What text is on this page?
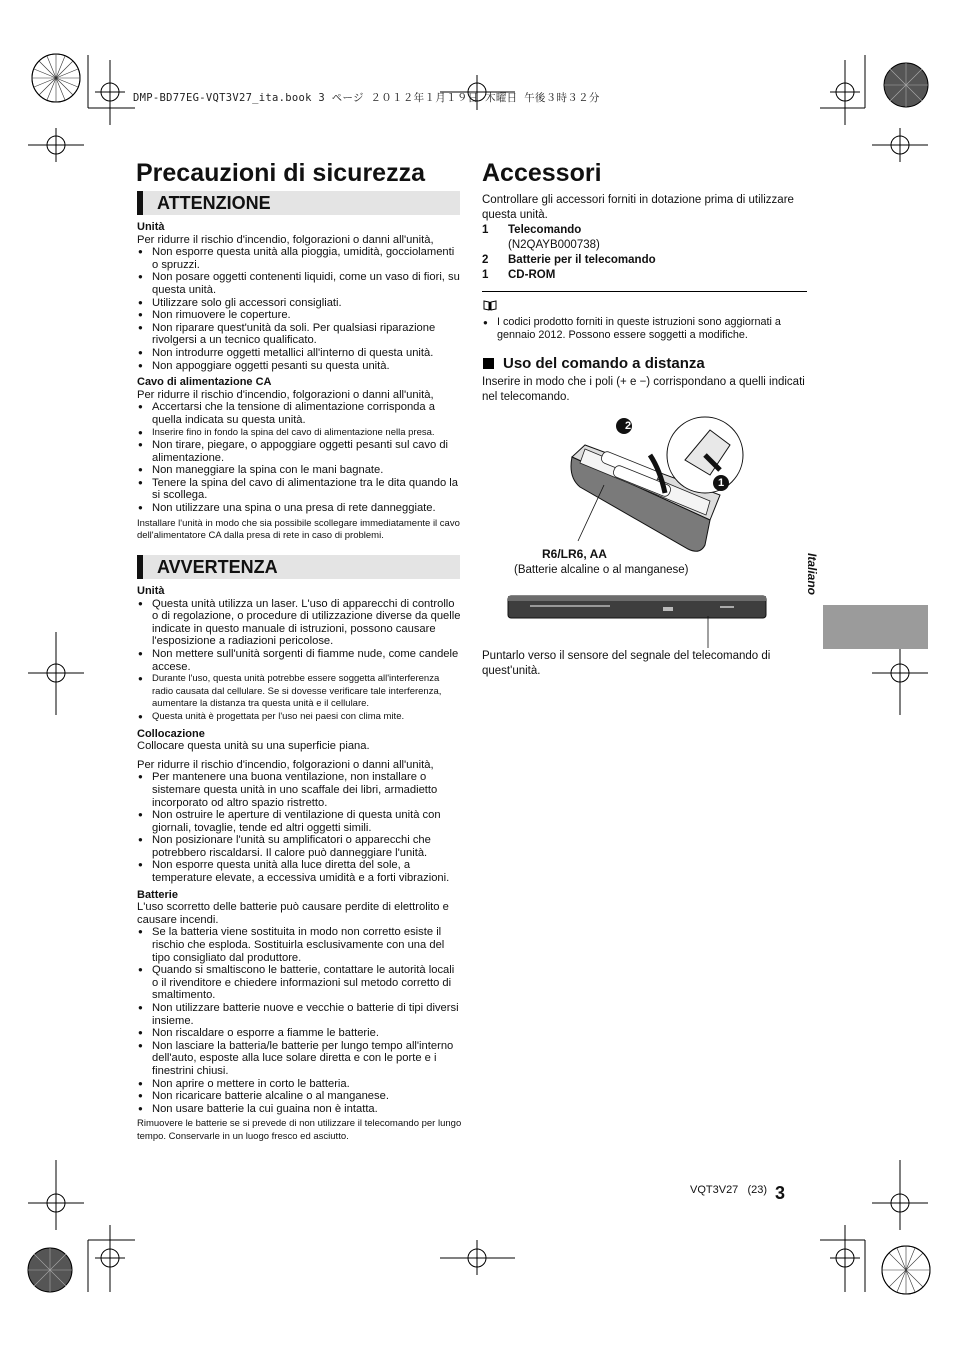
DMP-BD77EG-VQT3V27_ita.book 3 ページ ２０１２年１月１９日 木曜日 午後３時３２分
Precauzioni di sicurezza
ATTENZIONE

Unità

Per ridurre il rischio d'incendio, folgorazioni o danni all'unità,

● Non esporre questa unità alla pioggia, umidità, gocciolamenti o spruzzi.
● Non posare oggetti contenenti liquidi, come un vaso di fiori, su questa unità.
● Utilizzare solo gli accessori consigliati.
● Non rimuovere le coperture.
● Non riparare quest'unità da soli. Per qualsiasi riparazione rivolgersi a un tecnico qualificato.
● Non introdurre oggetti metallici all'interno di questa unità.
● Non appoggiare oggetti pesanti su questa unità.

Cavo di alimentazione CA

Per ridurre il rischio d'incendio, folgorazioni o danni all'unità,

● Accertarsi che la tensione di alimentazione corrisponda a quella indicata su questa unità.
● Inserire fino in fondo la spina del cavo di alimentazione nella presa.
● Non tirare, piegare, o appoggiare oggetti pesanti sul cavo di alimentazione.
● Non maneggiare la spina con le mani bagnate.
● Tenere la spina del cavo di alimentazione tra le dita quando la si scollega.
● Non utilizzare una spina o una presa di rete danneggiate.

Installare l'unità in modo che sia possibile scollegare immediatamente il cavo dell'alimentatore CA dalla presa di rete in caso di problemi.

AVVERTENZA

Unità

● Questa unità utilizza un laser. L'uso di apparecchi di controllo o di regolazione, o procedure di utilizzazione diverse da quelle indicate in questo manuale di istruzioni, possono causare l'esposizione a radiazioni pericolose.
● Non mettere sull'unità sorgenti di fiamme nude, come candele accese.
● Durante l'uso, questa unità potrebbe essere soggetta all'interferenza radio causata dal cellulare. Se si dovesse verificare tale interferenza, aumentare la distanza tra questa unità e il cellulare.
● Questa unità è progettata per l'uso nei paesi con clima mite.

Collocazione

Collocare questa unità su una superficie piana.

Per ridurre il rischio d'incendio, folgorazioni o danni all'unità,

● Per mantenere una buona ventilazione, non installare o sistemare questa unità in uno scaffale dei libri, armadietto incorporato od altro spazio ristretto.
● Non ostruire le aperture di ventilazione di questa unità con giornali, tovaglie, tende ed altri oggetti simili.
● Non posizionare l'unità su amplificatori o apparecchi che potrebbero riscaldarsi. Il calore può danneggiare l'unità.
● Non esporre questa unità alla luce diretta del sole, a temperature elevate, a eccessiva umidità e a forti vibrazioni.

Batterie

L'uso scorretto delle batterie può causare perdite di elettrolito e causare incendi.

● Se la batteria viene sostituita in modo non corretto esiste il rischio che esploda. Sostituirla esclusivamente con una del tipo consigliato dal produttore.
● Quando si smaltiscono le batterie, contattare le autorità locali o il rivenditore e chiedere informazioni sul metodo corretto di smaltimento.
● Non utilizzare batterie nuove e vecchie o batterie di tipi diversi insieme.
● Non riscaldare o esporre a fiamme le batterie.
● Non lasciare la batteria/le batterie per lungo tempo all'interno dell'auto, esposte alla luce solare diretta e con le porte e i finestrini chiusi.
● Non aprire o mettere in corto le batteria.
● Non ricaricare batterie alcaline o al manganese.
● Non usare batterie la cui guaina non è intatta.

Rimuovere le batterie se si prevede di non utilizzare il telecomando per lungo tempo. Conservarle in un luogo fresco ed asciutto.

Accessori

Controllare gli accessori forniti in dotazione prima di utilizzare questa unità.

1	Telecomando
(N2QAYB000738)
2	Batterie per il telecomando
1	CD-ROM
● I codici prodotto forniti in queste istruzioni sono aggiornati a gennaio 2012. Possono essere soggetti a modifiche.
Uso del comando a distanza

Inserire in modo che i poli (+ e −) corrispondano a quelli indicati nel telecomando.

2
1
R6/LR6, AA
(Batterie alcaline o al manganese)

Puntarlo verso il sensore del segnale del telecomando di quest'unità.

Italiano
VQT3V27 (23) 3
